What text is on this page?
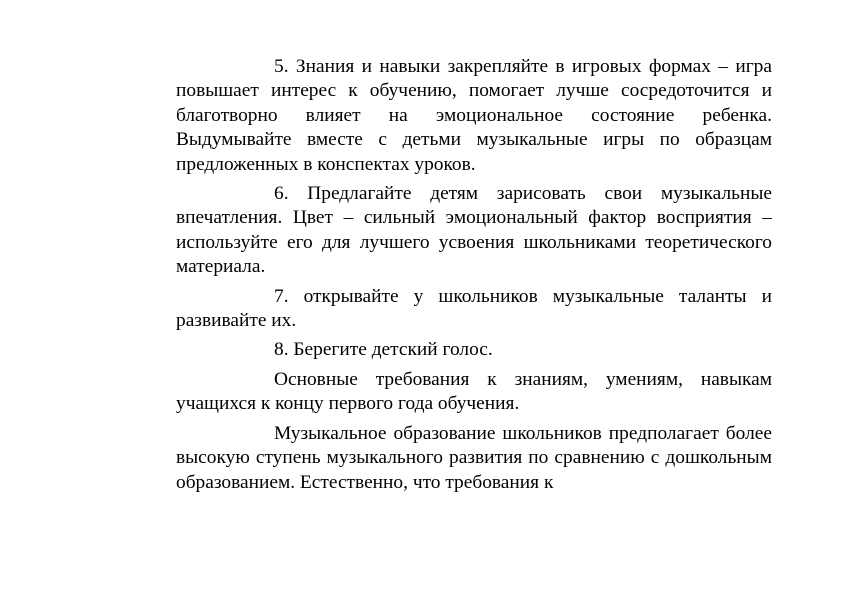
5. Знания и навыки закрепляйте в игровых формах – игра повышает интерес к обучению, помогает лучше сосредоточится и благотворно влияет на эмоциональное состояние ребенка. Выдумывайте вместе с детьми музыкальные игры по образцам предложенных в конспектах уроков.

6. Предлагайте детям зарисовать свои музыкальные впечатления. Цвет – сильный эмоциональный фактор восприятия – используйте его для лучшего усвоения школьниками теоретического материала.

7. открывайте у школьников музыкальные таланты и развивайте их.

8. Берегите детский голос.

Основные требования к знаниям, умениям, навыкам учащихся к концу первого года обучения.

Музыкальное образование школьников предполагает более высокую ступень музыкального развития по сравнению с дошкольным образованием. Естественно, что требования к
